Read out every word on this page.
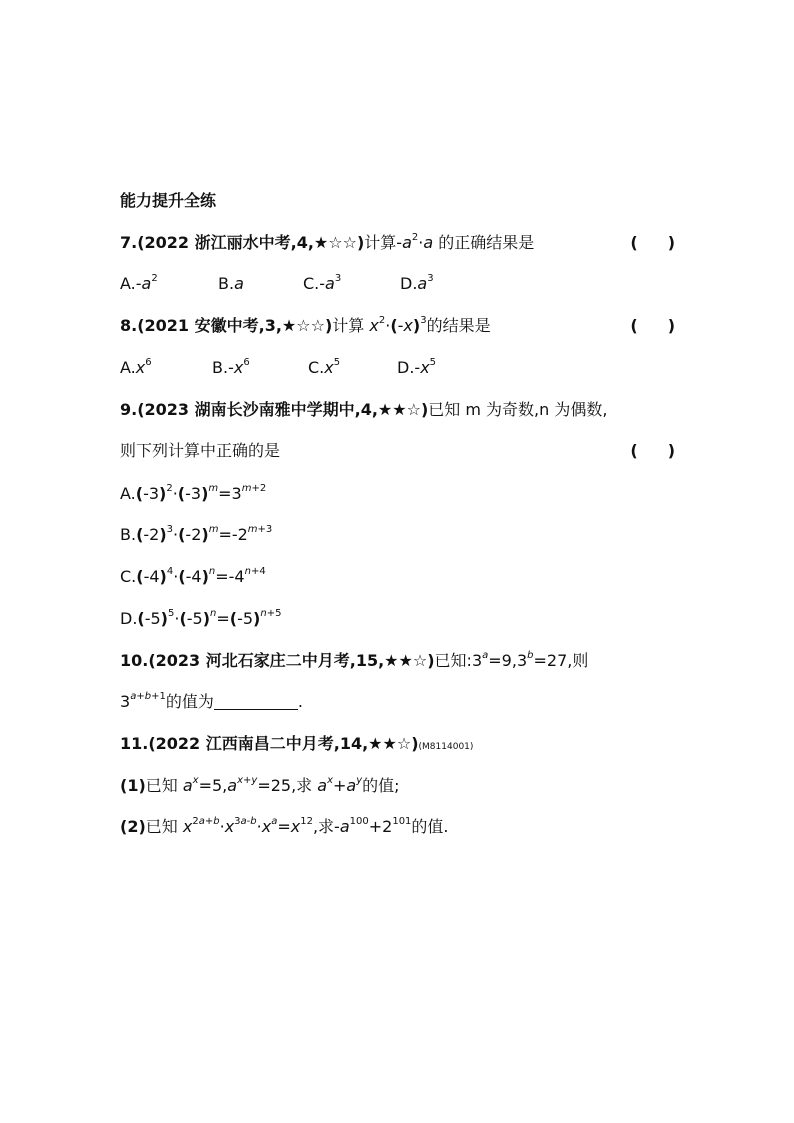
能力提升全练
7.(2022 浙江丽水中考,4,★☆☆)计算$-a^2\cdot a$ 的正确结果是	()
$A.-a^2$	B.a	$C.-a^3$	$D.a^3$
8.(2021 安徽中考,3,★☆☆)计算 $x^2\cdot(-x)^3$的结果是	()
$A.x^6$	$B.-x^6$	$C.x^5$	$D.-x^5$
9.(2023 湖南长沙南雅中学期中,4,★★☆)已知 m 为奇数,n 为偶数,
则下列计算中正确的是	()
$A.(-3)^2\cdot(-3)^m=3^{m+2}$
$B.(-2)^3\cdot(-2)^m=-2^{m+3}$
$C.(-4)^4\cdot(-4)^n=-4^{n+4}$
$D.(-5)^5\cdot(-5)^n=(-5)^{n+5}$
10.(2023 河北石家庄二中月考,15,★★☆)已知$:3^a=9,3^b=27$,则
$3^{a+b+1}$的值为	.
11.(2022 江西南昌二中月考,14,★★☆)(M8114001)
(1)已知 $a^x=5,a^{x+y}=25$,求 $a^x+a^y$的值;
(2)已知 $x^{2a+b}\cdot x^{3a-b}\cdot x^a=x^{12}$,求$-a^{100}+2^{101}$的值.
